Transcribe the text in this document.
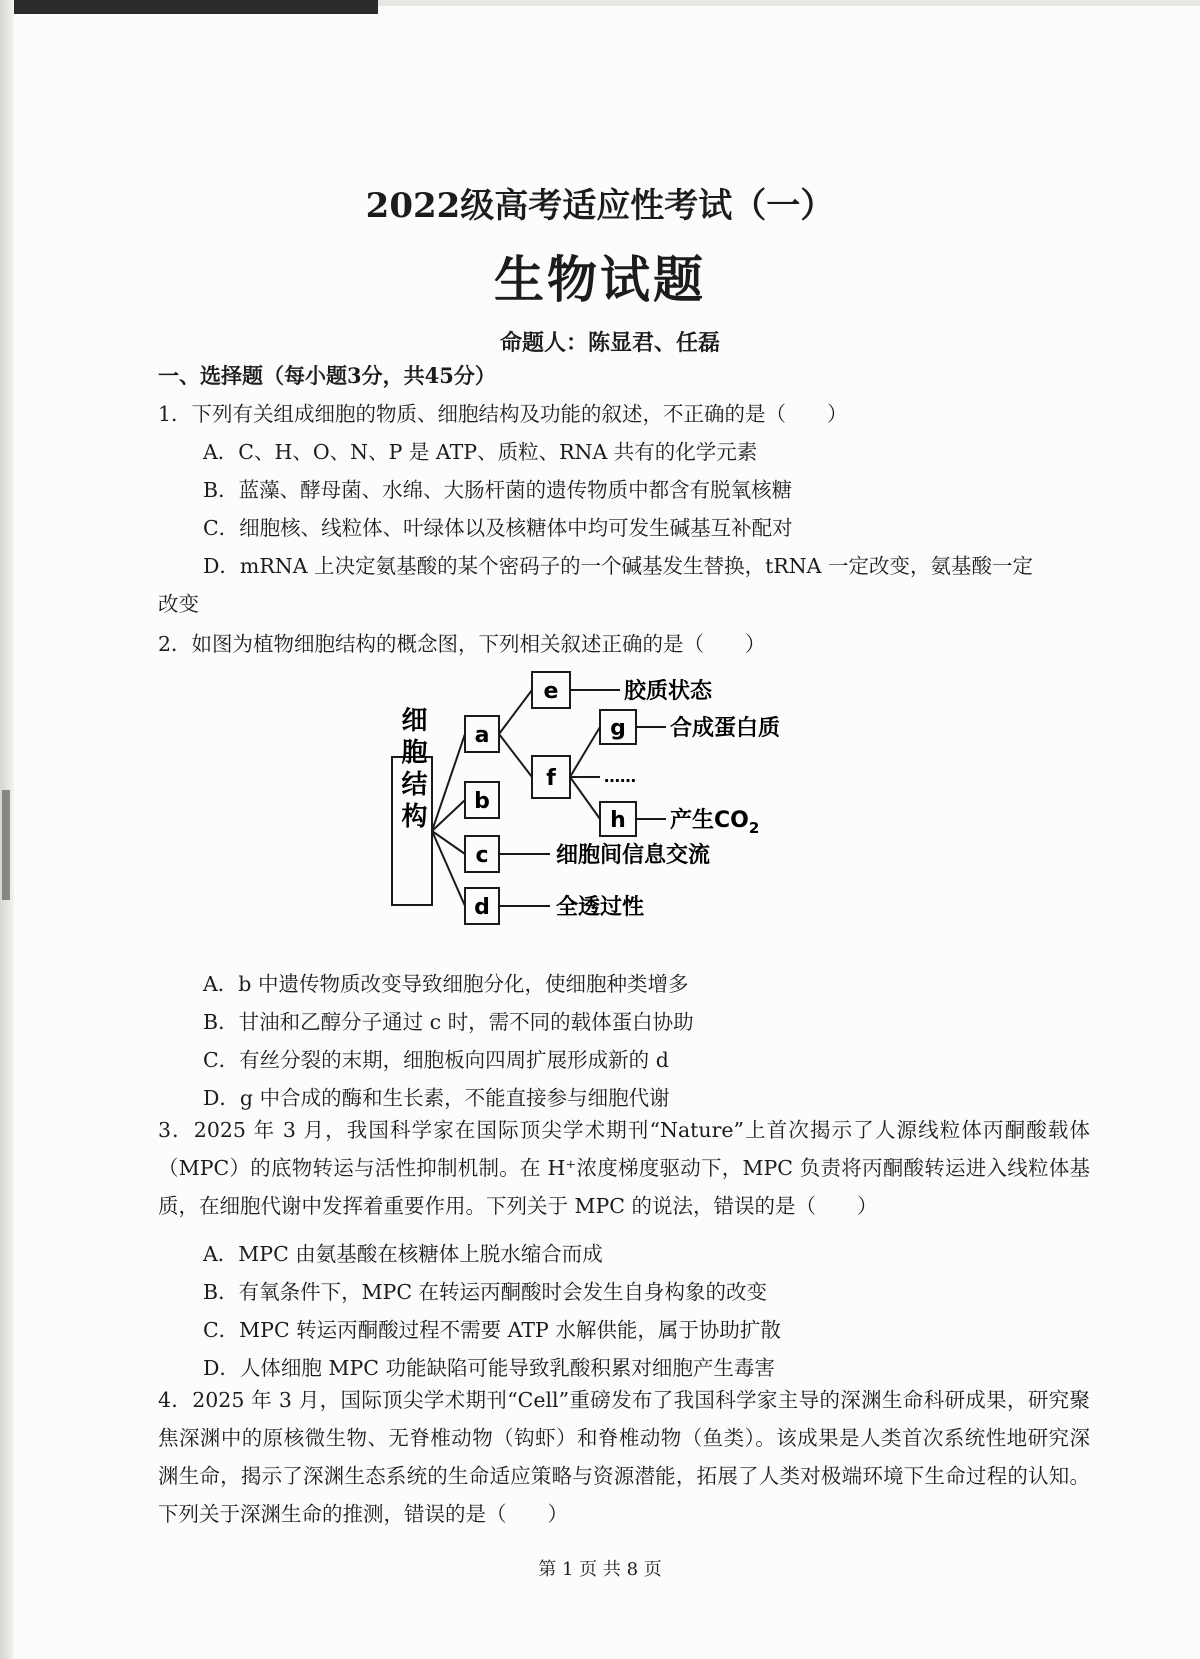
2022级高考适应性考试（一）
生物试题
命题人：陈显君、任磊
一、选择题（每小题3分，共45分）
1．下列有关组成细胞的物质、细胞结构及功能的叙述，不正确的是（　　）
A．C、H、O、N、P 是 ATP、质粒、RNA 共有的化学元素
B．蓝藻、酵母菌、水绵、大肠杆菌的遗传物质中都含有脱氧核糖
C．细胞核、线粒体、叶绿体以及核糖体中均可发生碱基互补配对
D．mRNA 上决定氨基酸的某个密码子的一个碱基发生替换，tRNA 一定改变，氨基酸一定
改变
2．如图为植物细胞结构的概念图，下列相关叙述正确的是（　　）
细胞结构 a
b
c
d
e
f
g
h
胶质状态
合成蛋白质
……
产生$CO_2$
细胞间信息交流
全透过性
A．b 中遗传物质改变导致细胞分化，使细胞种类增多
B．甘油和乙醇分子通过 c 时，需不同的载体蛋白协助
C．有丝分裂的末期，细胞板向四周扩展形成新的 d
D．g 中合成的酶和生长素，不能直接参与细胞代谢
3．2025 年 3 月，我国科学家在国际顶尖学术期刊“Nature”上首次揭示了人源线粒体丙酮酸载体（MPC）的底物转运与活性抑制机制。在 H⁺浓度梯度驱动下，MPC 负责将丙酮酸转运进入线粒体基质，在细胞代谢中发挥着重要作用。下列关于 MPC 的说法，错误的是（　　）
A．MPC 由氨基酸在核糖体上脱水缩合而成
B．有氧条件下，MPC 在转运丙酮酸时会发生自身构象的改变
C．MPC 转运丙酮酸过程不需要 ATP 水解供能，属于协助扩散
D．人体细胞 MPC 功能缺陷可能导致乳酸积累对细胞产生毒害
4．2025 年 3 月，国际顶尖学术期刊“Cell”重磅发布了我国科学家主导的深渊生命科研成果，研究聚焦深渊中的原核微生物、无脊椎动物（钩虾）和脊椎动物（鱼类）。该成果是人类首次系统性地研究深渊生命，揭示了深渊生态系统的生命适应策略与资源潜能，拓展了人类对极端环境下生命过程的认知。下列关于深渊生命的推测，错误的是（　　）
第 1 页 共 8 页
